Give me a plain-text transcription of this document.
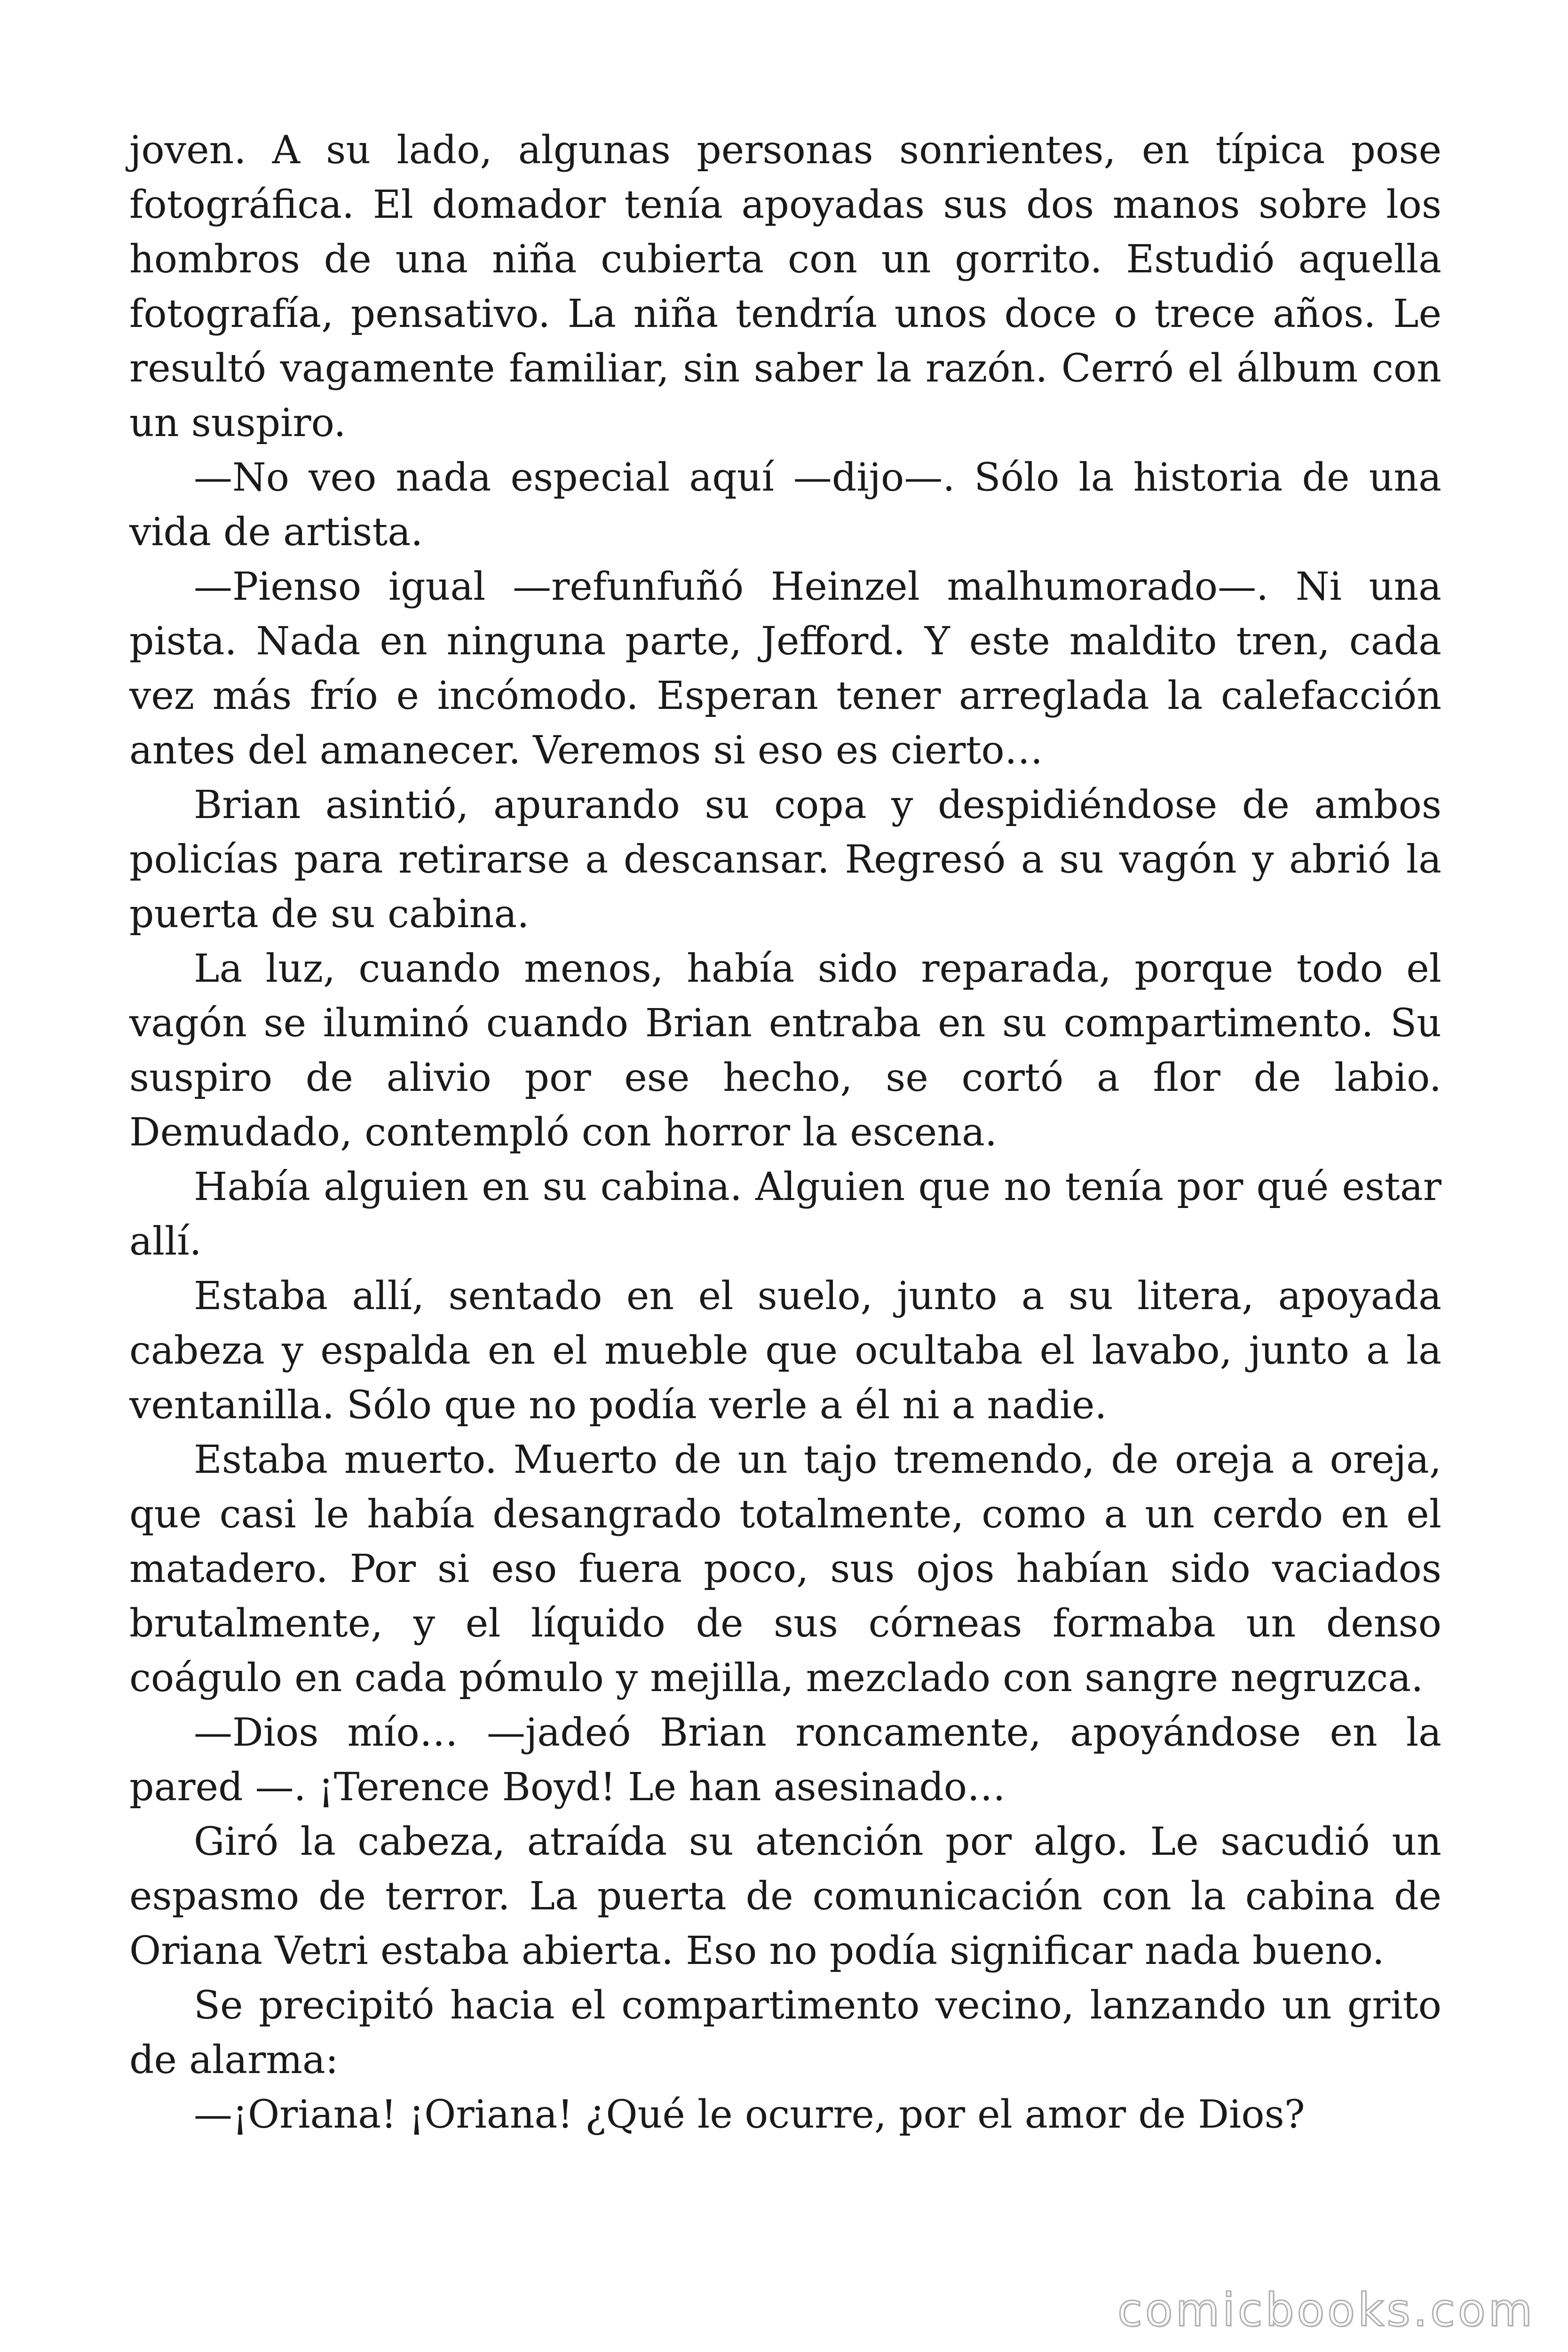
joven. A su lado, algunas personas sonrientes, en típica pose fotográfica. El domador tenía apoyadas sus dos manos sobre los hombros de una niña cubierta con un gorrito. Estudió aquella fotografía, pensativo. La niña tendría unos doce o trece años. Le resultó vagamente familiar, sin saber la razón. Cerró el álbum con un suspiro.

—No veo nada especial aquí —dijo—. Sólo la historia de una vida de artista.

—Pienso igual —refunfuñó Heinzel malhumorado—. Ni una pista. Nada en ninguna parte, Jefford. Y este maldito tren, cada vez más frío e incómodo. Esperan tener arreglada la calefacción antes del amanecer. Veremos si eso es cierto…

Brian asintió, apurando su copa y despidiéndose de ambos policías para retirarse a descansar. Regresó a su vagón y abrió la puerta de su cabina.

La luz, cuando menos, había sido reparada, porque todo el vagón se iluminó cuando Brian entraba en su compartimento. Su suspiro de alivio por ese hecho, se cortó a flor de labio. Demudado, contempló con horror la escena.

Había alguien en su cabina. Alguien que no tenía por qué estar allí.

Estaba allí, sentado en el suelo, junto a su litera, apoyada cabeza y espalda en el mueble que ocultaba el lavabo, junto a la ventanilla. Sólo que no podía verle a él ni a nadie.

Estaba muerto. Muerto de un tajo tremendo, de oreja a oreja, que casi le había desangrado totalmente, como a un cerdo en el matadero. Por si eso fuera poco, sus ojos habían sido vaciados brutalmente, y el líquido de sus córneas formaba un denso coágulo en cada pómulo y mejilla, mezclado con sangre negruzca.

—Dios mío… —jadeó Brian roncamente, apoyándose en la pared —. ¡Terence Boyd! Le han asesinado…

Giró la cabeza, atraída su atención por algo. Le sacudió un espasmo de terror. La puerta de comunicación con la cabina de Oriana Vetri estaba abierta. Eso no podía significar nada bueno.

Se precipitó hacia el compartimento vecino, lanzando un grito de alarma:

—¡Oriana! ¡Oriana! ¿Qué le ocurre, por el amor de Dios?

comicbooks.com
